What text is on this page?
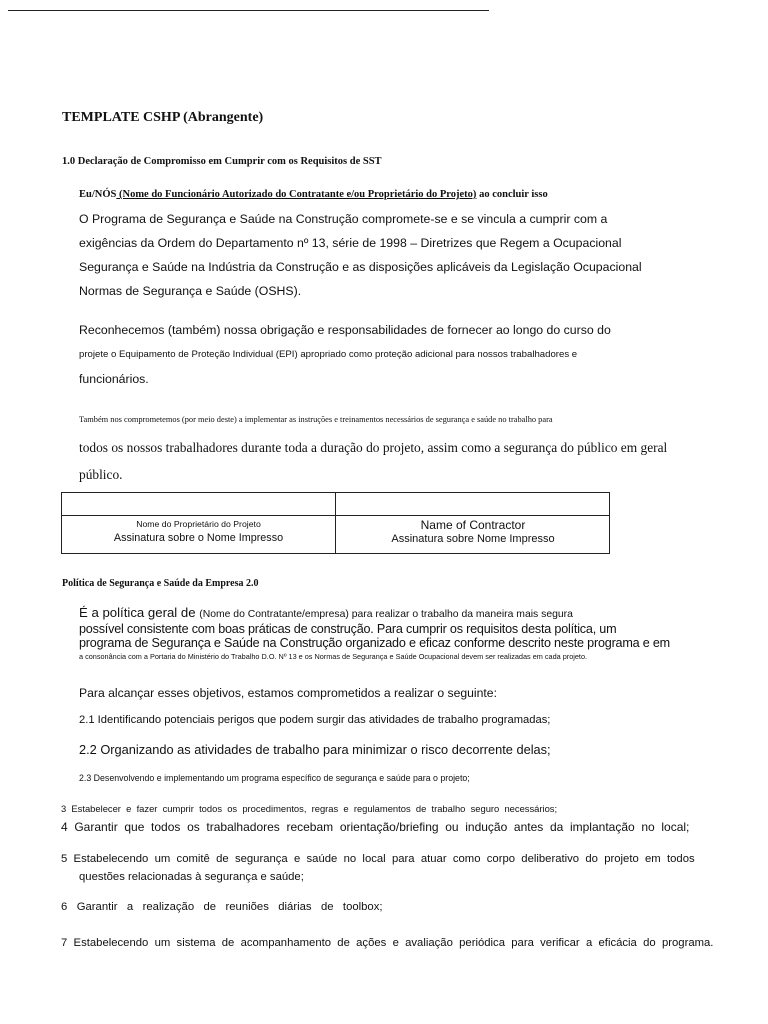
TEMPLATE CSHP (Abrangente)
1.0 Declaração de Compromisso em Cumprir com os Requisitos de SST
Eu/NÓS (Nome do Funcionário Autorizado do Contratante e/ou Proprietário do Projeto) ao concluir isso
O Programa de Segurança e Saúde na Construção compromete-se e se vincula a cumprir com a
exigências da Ordem do Departamento nº 13, série de 1998 – Diretrizes que Regem a Ocupacional
Segurança e Saúde na Indústria da Construção e as disposições aplicáveis da Legislação Ocupacional
Normas de Segurança e Saúde (OSHS).
Reconhecemos (também) nossa obrigação e responsabilidades de fornecer ao longo do curso do
projete o Equipamento de Proteção Individual (EPI) apropriado como proteção adicional para nossos trabalhadores e
funcionários.
Também nos comprometemos (por meio deste) a implementar as instruções e treinamentos necessários de segurança e saúde no trabalho para
todos os nossos trabalhadores durante toda a duração do projeto, assim como a segurança do público em geral
público.
Nome do Proprietário do Projeto
Assinatura sobre o Nome Impresso
Name of Contractor
Assinatura sobre Nome Impresso
Política de Segurança e Saúde da Empresa 2.0
É a política geral de (Nome do Contratante/empresa) para realizar o trabalho da maneira mais segura
possível consistente com boas práticas de construção. Para cumprir os requisitos desta política, um
programa de Segurança e Saúde na Construção organizado e eficaz conforme descrito neste programa e em
a consonância com a Portaria do Ministério do Trabalho D.O. Nº 13 e os Normas de Segurança e Saúde Ocupacional devem ser realizadas em cada projeto.
Para alcançar esses objetivos, estamos comprometidos a realizar o seguinte:
2.1 Identificando potenciais perigos que podem surgir das atividades de trabalho programadas;
2.2 Organizando as atividades de trabalho para minimizar o risco decorrente delas;
2.3 Desenvolvendo e implementando um programa específico de segurança e saúde para o projeto;
3  Estabelecer  e  fazer  cumprir  todos  os  procedimentos,  regras  e  regulamentos  de  trabalho  seguro  necessários;
4  Garantir  que  todos  os  trabalhadores  recebam  orientação/briefing  ou  indução  antes  da  implantação  no  local;
5  Estabelecendo  um  comitê  de  segurança  e  saúde  no  local  para  atuar  como  corpo  deliberativo  do  projeto  em  todos
questões relacionadas à segurança e saúde;
6   Garantir   a   realização   de   reuniões   diárias   de   toolbox;
7  Estabelecendo  um  sistema  de  acompanhamento  de  ações  e  avaliação  periódica  para  verificar  a  eficácia  do  programa.
